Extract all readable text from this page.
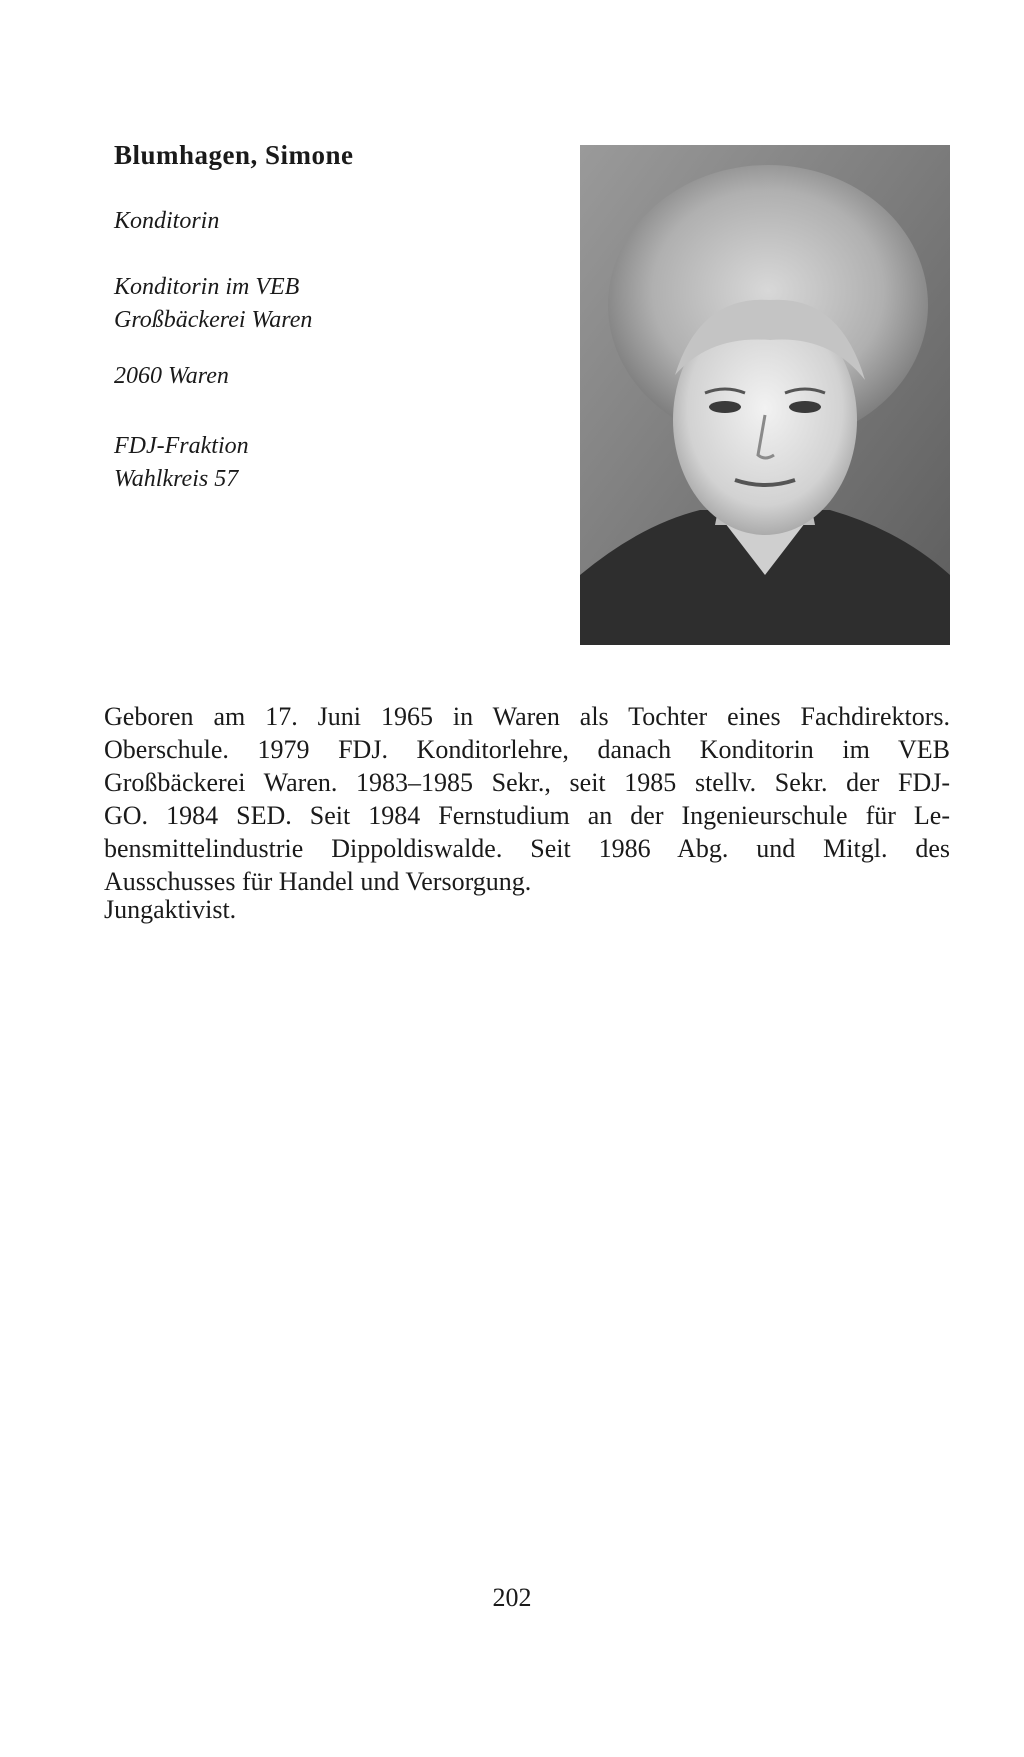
Blumhagen, Simone
Konditorin
Konditorin im VEB
Großbäckerei Waren
2060 Waren
FDJ-Fraktion
Wahlkreis 57
Geboren am 17. Juni 1965 in Waren als Tochter eines Fachdirektors.
Oberschule. 1979 FDJ. Konditorlehre, danach Konditorin im VEB
Großbäckerei Waren. 1983–1985 Sekr., seit 1985 stellv. Sekr. der FDJ-
GO. 1984 SED. Seit 1984 Fernstudium an der Ingenieurschule für Le-
bensmittelindustrie Dippoldiswalde. Seit 1986 Abg. und Mitgl. des
Ausschusses für Handel und Versorgung.
Jungaktivist.
202
